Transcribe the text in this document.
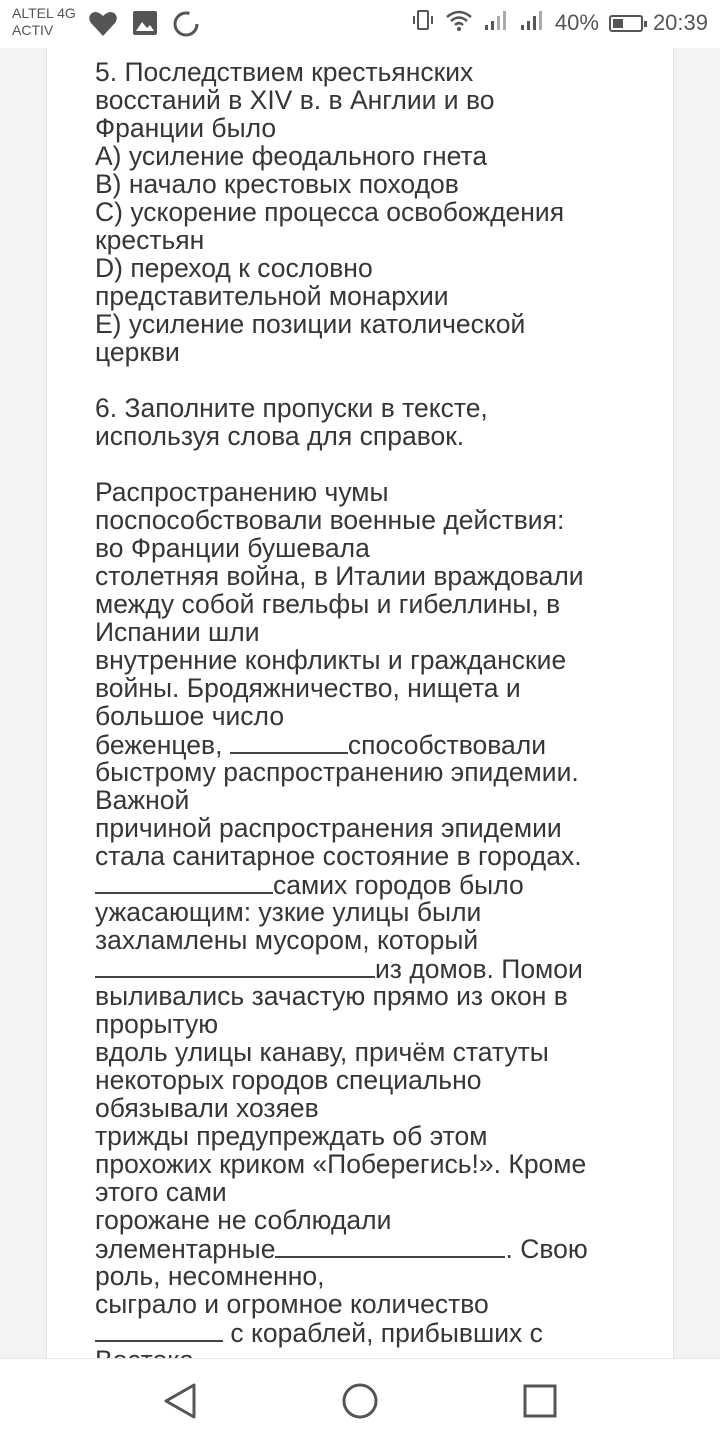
ALTEL 4G
ACTIV	40% 20:39
5. Последствием крестьянских
восстаний в XIV в. в Англии и во
Франции было
A) усиление феодального гнета
B) начало крестовых походов
C) ускорение процесса освобождения
крестьян
D) переход к сословно
представительной монархии
E) усиление позиции католической
церкви
6. Заполните пропуски в тексте,
используя слова для справок.
Распространению чумы
поспособствовали военные действия:
во Франции бушевала
столетняя война, в Италии враждовали
между собой гвельфы и гибеллины, в
Испании шли
внутренние конфликты и гражданские
войны. Бродяжничество, нищета и
большое число
беженцев,	способствовали
быстрому распространению эпидемии.
Важной
причиной распространения эпидемии
стала санитарное состояние в городах.
самих городов было
ужасающим: узкие улицы были
захламлены мусором, который
из домов. Помои
выливались зачастую прямо из окон в
прорытую
вдоль улицы канаву, причём статуты
некоторых городов специально
обязывали хозяев
трижды предупреждать об этом
прохожих криком «Поберегись!». Кроме
этого сами
горожане не соблюдали
элементарные	. Свою
роль, несомненно,
сыграло и огромное количество
с кораблей, прибывших с
